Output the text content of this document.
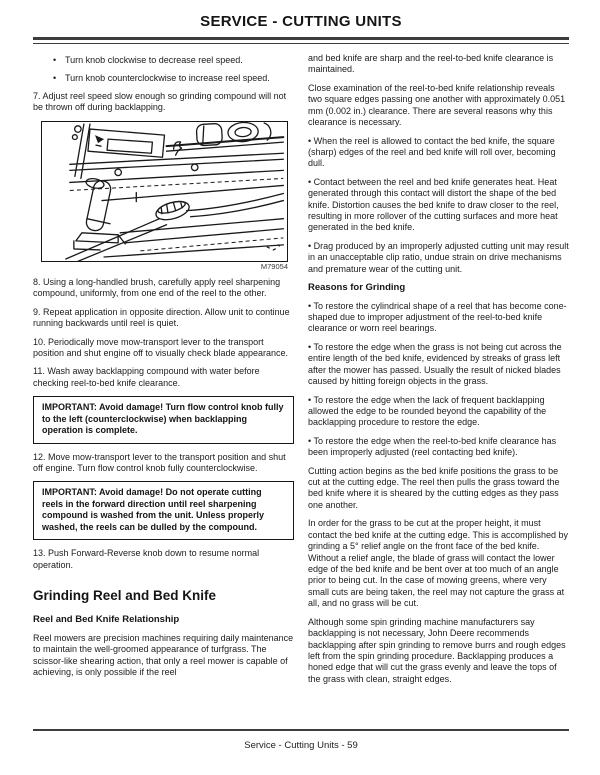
SERVICE - CUTTING UNITS
• Turn knob clockwise to decrease reel speed.
• Turn knob counterclockwise to increase reel speed.

7. Adjust reel speed slow enough so grinding compound will not be thrown off during backlapping.

M79054

8. Using a long-handled brush, carefully apply reel sharpening compound, uniformly, from one end of the reel to the other.

9. Repeat application in opposite direction. Allow unit to continue running backwards until reel is quiet.

10. Periodically move mow-transport lever to the transport position and shut engine off to visually check blade appearance.

11. Wash away backlapping compound with water before checking reel-to-bed knife clearance.

IMPORTANT: Avoid damage! Turn flow control knob fully to the left (counterclockwise) when backlapping operation is complete.

12. Move mow-transport lever to the transport position and shut off engine. Turn flow control knob fully counterclockwise.

IMPORTANT: Avoid damage! Do not operate cutting reels in the forward direction until reel sharpening compound is washed from the unit. Unless properly washed, the reels can be dulled by the compound.

13. Push Forward-Reverse knob down to resume normal operation.

Grinding Reel and Bed Knife
Reel and Bed Knife Relationship

Reel mowers are precision machines requiring daily maintenance to maintain the well-groomed appearance of turfgrass. The scissor-like shearing action, that only a reel mower is capable of achieving, is only possible if the reel

and bed knife are sharp and the reel-to-bed knife clearance is maintained.

Close examination of the reel-to-bed knife relationship reveals two square edges passing one another with approximately 0.051 mm (0.002 in.) clearance. There are several reasons why this clearance is necessary.

• When the reel is allowed to contact the bed knife, the square (sharp) edges of the reel and bed knife will roll over, becoming dull.

• Contact between the reel and bed knife generates heat. Heat generated through this contact will distort the shape of the bed knife. Distortion causes the bed knife to draw closer to the reel, resulting in more rollover of the cutting surfaces and more heat generated in the bed knife.

• Drag produced by an improperly adjusted cutting unit may result in an unacceptable clip ratio, undue strain on drive mechanisms and premature wear of the cutting unit.

Reasons for Grinding

• To restore the cylindrical shape of a reel that has become cone-shaped due to improper adjustment of the reel-to-bed knife clearance or worn reel bearings.

• To restore the edge when the grass is not being cut across the entire length of the bed knife, evidenced by streaks of grass left after the mower has passed. Usually the result of nicked blades caused by hitting foreign objects in the grass.

• To restore the edge when the lack of frequent backlapping allowed the edge to be rounded beyond the capability of the backlapping procedure to restore the edge.

• To restore the edge when the reel-to-bed knife clearance has been improperly adjusted (reel contacting bed knife).

Cutting action begins as the bed knife positions the grass to be cut at the cutting edge. The reel then pulls the grass toward the bed knife where it is sheared by the cutting edges as they pass one another.

In order for the grass to be cut at the proper height, it must contact the bed knife at the cutting edge. This is accomplished by grinding a 5° relief angle on the front face of the bed knife. Without a relief angle, the blade of grass will contact the lower edge of the bed knife and be bent over at too much of an angle prior to being cut. In the case of mowing greens, where very small cuts are being taken, the reel may not capture the grass at all, and no grass will be cut.

Although some spin grinding machine manufacturers say backlapping is not necessary, John Deere recommends backlapping after spin grinding to remove burrs and rough edges left from the spin grinding procedure. Backlapping produces a honed edge that will cut the grass evenly and leave the tops of the grass with clean, straight edges.

Service - Cutting Units - 59
